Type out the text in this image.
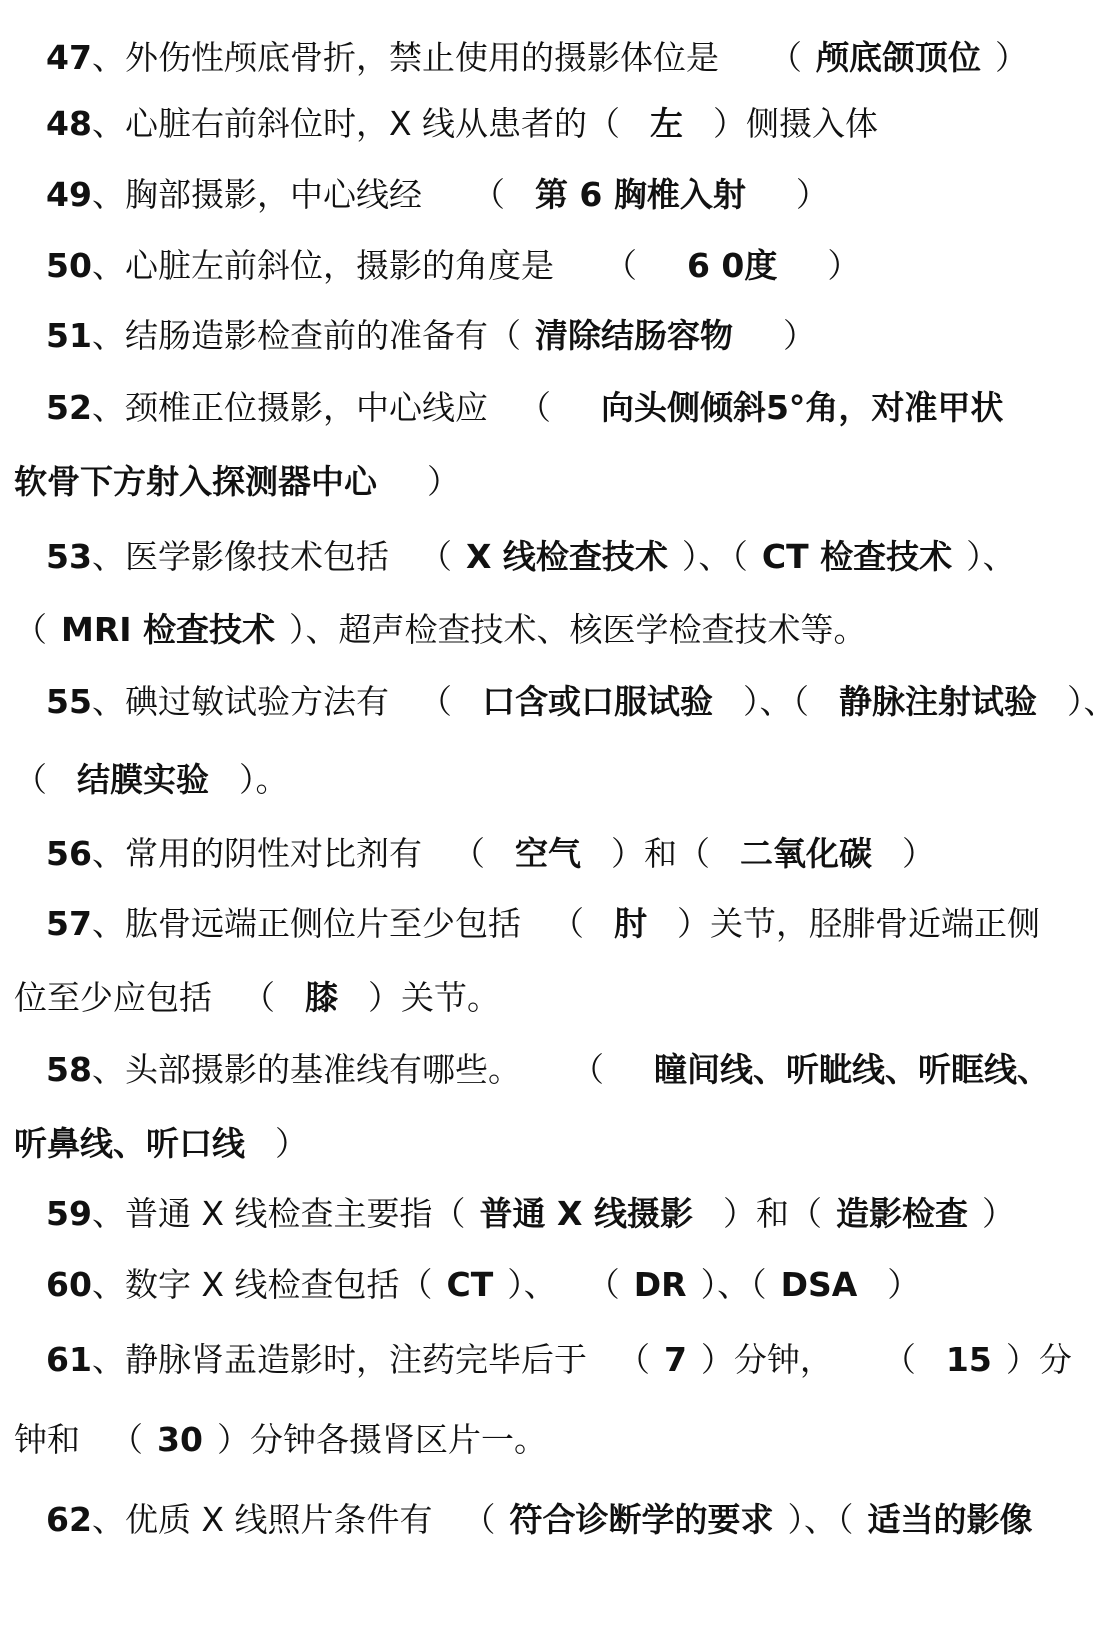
47、外伤性颅底骨折，禁止使用的摄影体位是 （ 颅底颌顶位 ）
48、心脏右前斜位时，X 线从患者的（ 左 ）侧摄入体
49、胸部摄影，中心线经 （ 第 6 胸椎入射 ）
50、心脏左前斜位，摄影的角度是 （ 6 0度 ）
51、结肠造影检查前的准备有（ 清除结肠容物 ）
52、颈椎正位摄影，中心线应 （ 向头侧倾斜5°角，对准甲状
软骨下方射入探测器中心 ）
53、医学影像技术包括 （ X 线检查技术 ）、（ CT 检查技术 ）、
（ MRI 检查技术 ）、超声检查技术、核医学检查技术等。
55、碘过敏试验方法有 （ 口含或口服试验 ）、（ 静脉注射试验 ）、
（ 结膜实验 ）。
56、常用的阴性对比剂有 （ 空气 ）和（ 二氧化碳 ）
57、肱骨远端正侧位片至少包括 （ 肘 ）关节，胫腓骨近端正侧
位至少应包括 （ 膝 ）关节。
58、头部摄影的基准线有哪些。 （ 瞳间线、听眦线、听眶线、
听鼻线、听口线 ）
59、普通 X 线检查主要指（ 普通 X 线摄影 ）和（ 造影检查 ）
60、数字 X 线检查包括（ CT ）、 （ DR ）、（ DSA ）
61、静脉肾盂造影时，注药完毕后于 （ 7 ）分钟， （ 15 ）分
钟和 （ 30 ）分钟各摄肾区片一。
62、优质 X 线照片条件有 （ 符合诊断学的要求 ）、（ 适当的影像
